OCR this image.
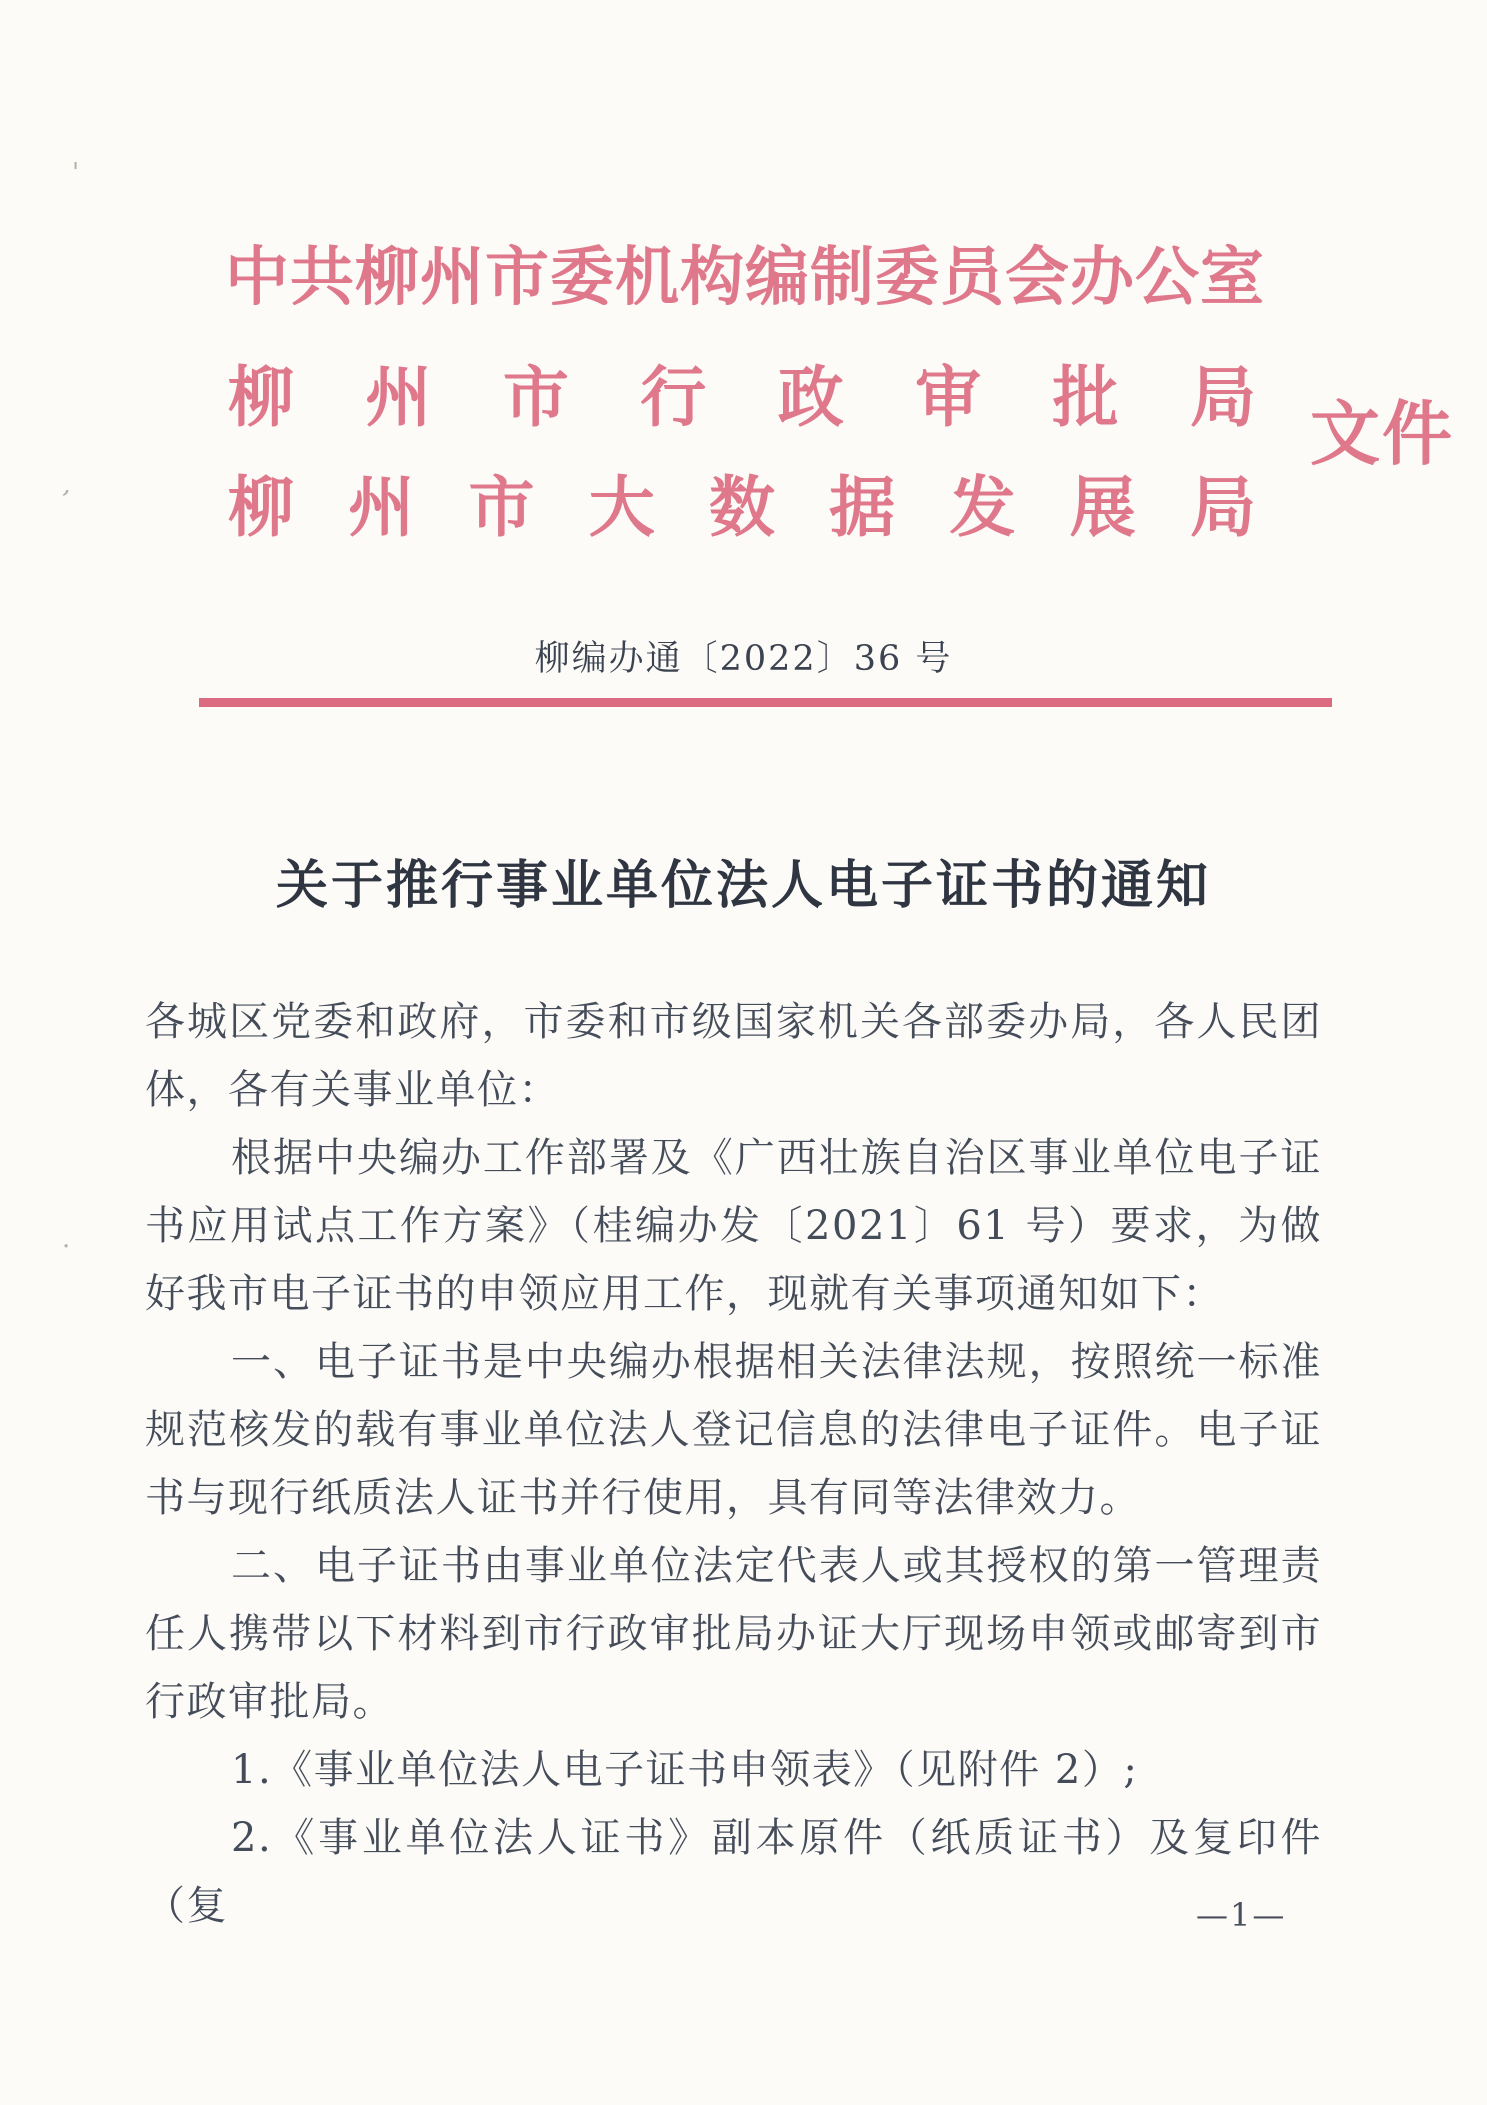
'
,
·
中共柳州市委机构编制委员会办公室
柳 州 市 行 政 审 批 局
柳 州 市 大 数 据 发 展 局
文件
柳编办通〔2022〕36 号
关于推行事业单位法人电子证书的通知

各城区党委和政府，市委和市级国家机关各部委办局，各人民团体，各有关事业单位：

根据中央编办工作部署及《广西壮族自治区事业单位电子证书应用试点工作方案》（桂编办发〔2021〕61 号）要求，为做好我市电子证书的申领应用工作，现就有关事项通知如下：

一、电子证书是中央编办根据相关法律法规，按照统一标准规范核发的载有事业单位法人登记信息的法律电子证件。电子证书与现行纸质法人证书并行使用，具有同等法律效力。

二、电子证书由事业单位法定代表人或其授权的第一管理责任人携带以下材料到市行政审批局办证大厅现场申领或邮寄到市行政审批局。

1.《事业单位法人电子证书申领表》（见附件 2）;

2.《事业单位法人证书》副本原件（纸质证书）及复印件（复	—1—
